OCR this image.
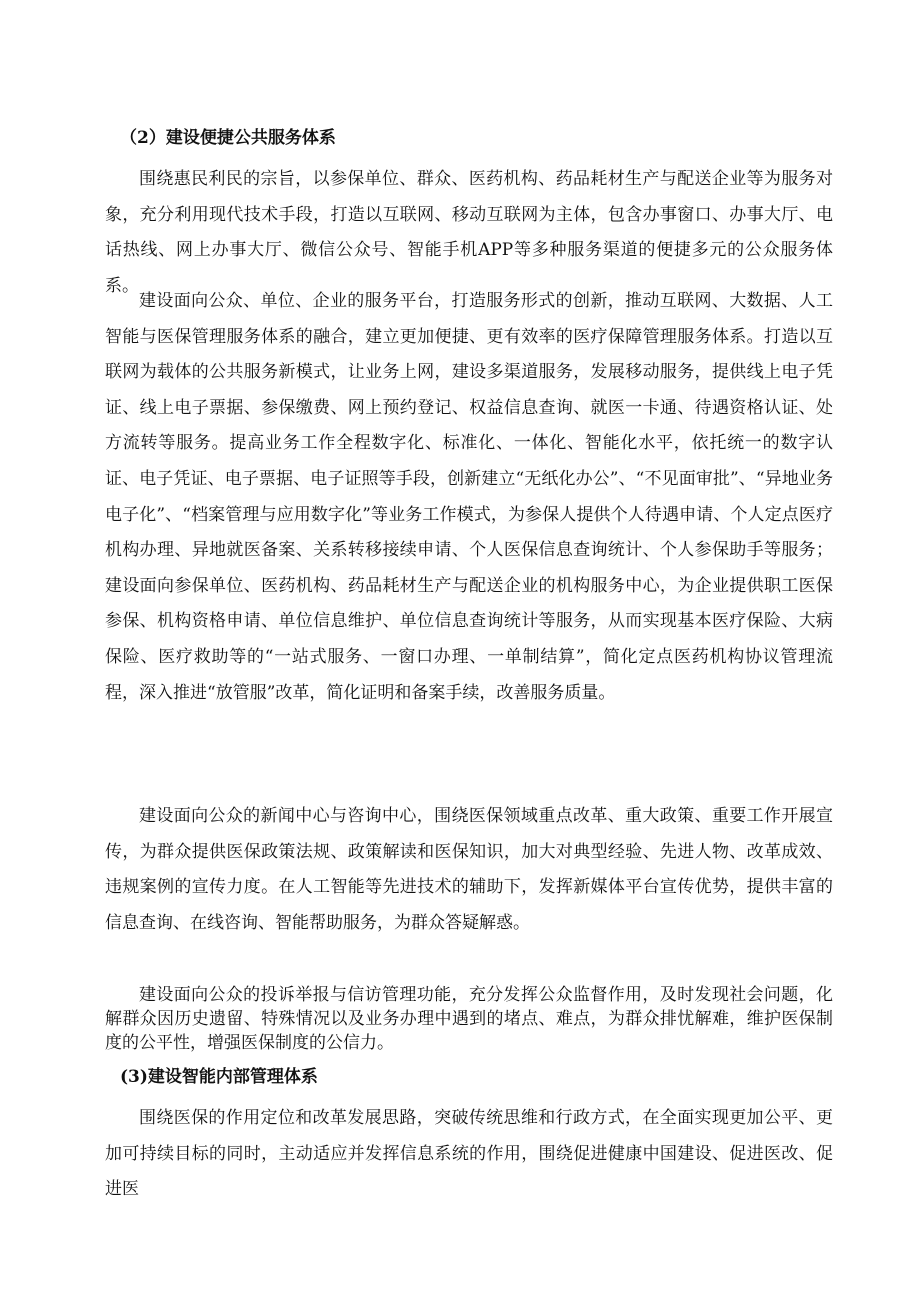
（2）建设便捷公共服务体系

围绕惠民利民的宗旨，以参保单位、群众、医药机构、药品耗材生产与配送企业等为服务对象，充分利用现代技术手段，打造以互联网、移动互联网为主体，包含办事窗口、办事大厅、电话热线、网上办事大厅、微信公众号、智能手机APP等多种服务渠道的便捷多元的公众服务体系。

建设面向公众、单位、企业的服务平台，打造服务形式的创新，推动互联网、大数据、人工智能与医保管理服务体系的融合，建立更加便捷、更有效率的医疗保障管理服务体系。打造以互联网为载体的公共服务新模式，让业务上网，建设多渠道服务，发展移动服务，提供线上电子凭证、线上电子票据、参保缴费、网上预约登记、权益信息查询、就医一卡通、待遇资格认证、处方流转等服务。提高业务工作全程数字化、标准化、一体化、智能化水平，依托统一的数字认证、电子凭证、电子票据、电子证照等手段，创新建立“无纸化办公”、“不见面审批”、“异地业务电子化”、“档案管理与应用数字化”等业务工作模式，为参保人提供个人待遇申请、个人定点医疗机构办理、异地就医备案、关系转移接续申请、个人医保信息查询统计、个人参保助手等服务；建设面向参保单位、医药机构、药品耗材生产与配送企业的机构服务中心，为企业提供职工医保参保、机构资格申请、单位信息维护、单位信息查询统计等服务，从而实现基本医疗保险、大病保险、医疗救助等的“一站式服务、一窗口办理、一单制结算”，简化定点医药机构协议管理流程，深入推进“放管服”改革，简化证明和备案手续，改善服务质量。

建设面向公众的新闻中心与咨询中心，围绕医保领域重点改革、重大政策、重要工作开展宣传，为群众提供医保政策法规、政策解读和医保知识，加大对典型经验、先进人物、改革成效、违规案例的宣传力度。在人工智能等先进技术的辅助下，发挥新媒体平台宣传优势，提供丰富的信息查询、在线咨询、智能帮助服务，为群众答疑解惑。

建设面向公众的投诉举报与信访管理功能，充分发挥公众监督作用，及时发现社会问题，化解群众因历史遗留、特殊情况以及业务办理中遇到的堵点、难点，为群众排忧解难，维护医保制度的公平性，增强医保制度的公信力。

(3)建设智能内部管理体系

围绕医保的作用定位和改革发展思路，突破传统思维和行政方式，在全面实现更加公平、更加可持续目标的同时，主动适应并发挥信息系统的作用，围绕促进健康中国建设、促进医改、促进医
